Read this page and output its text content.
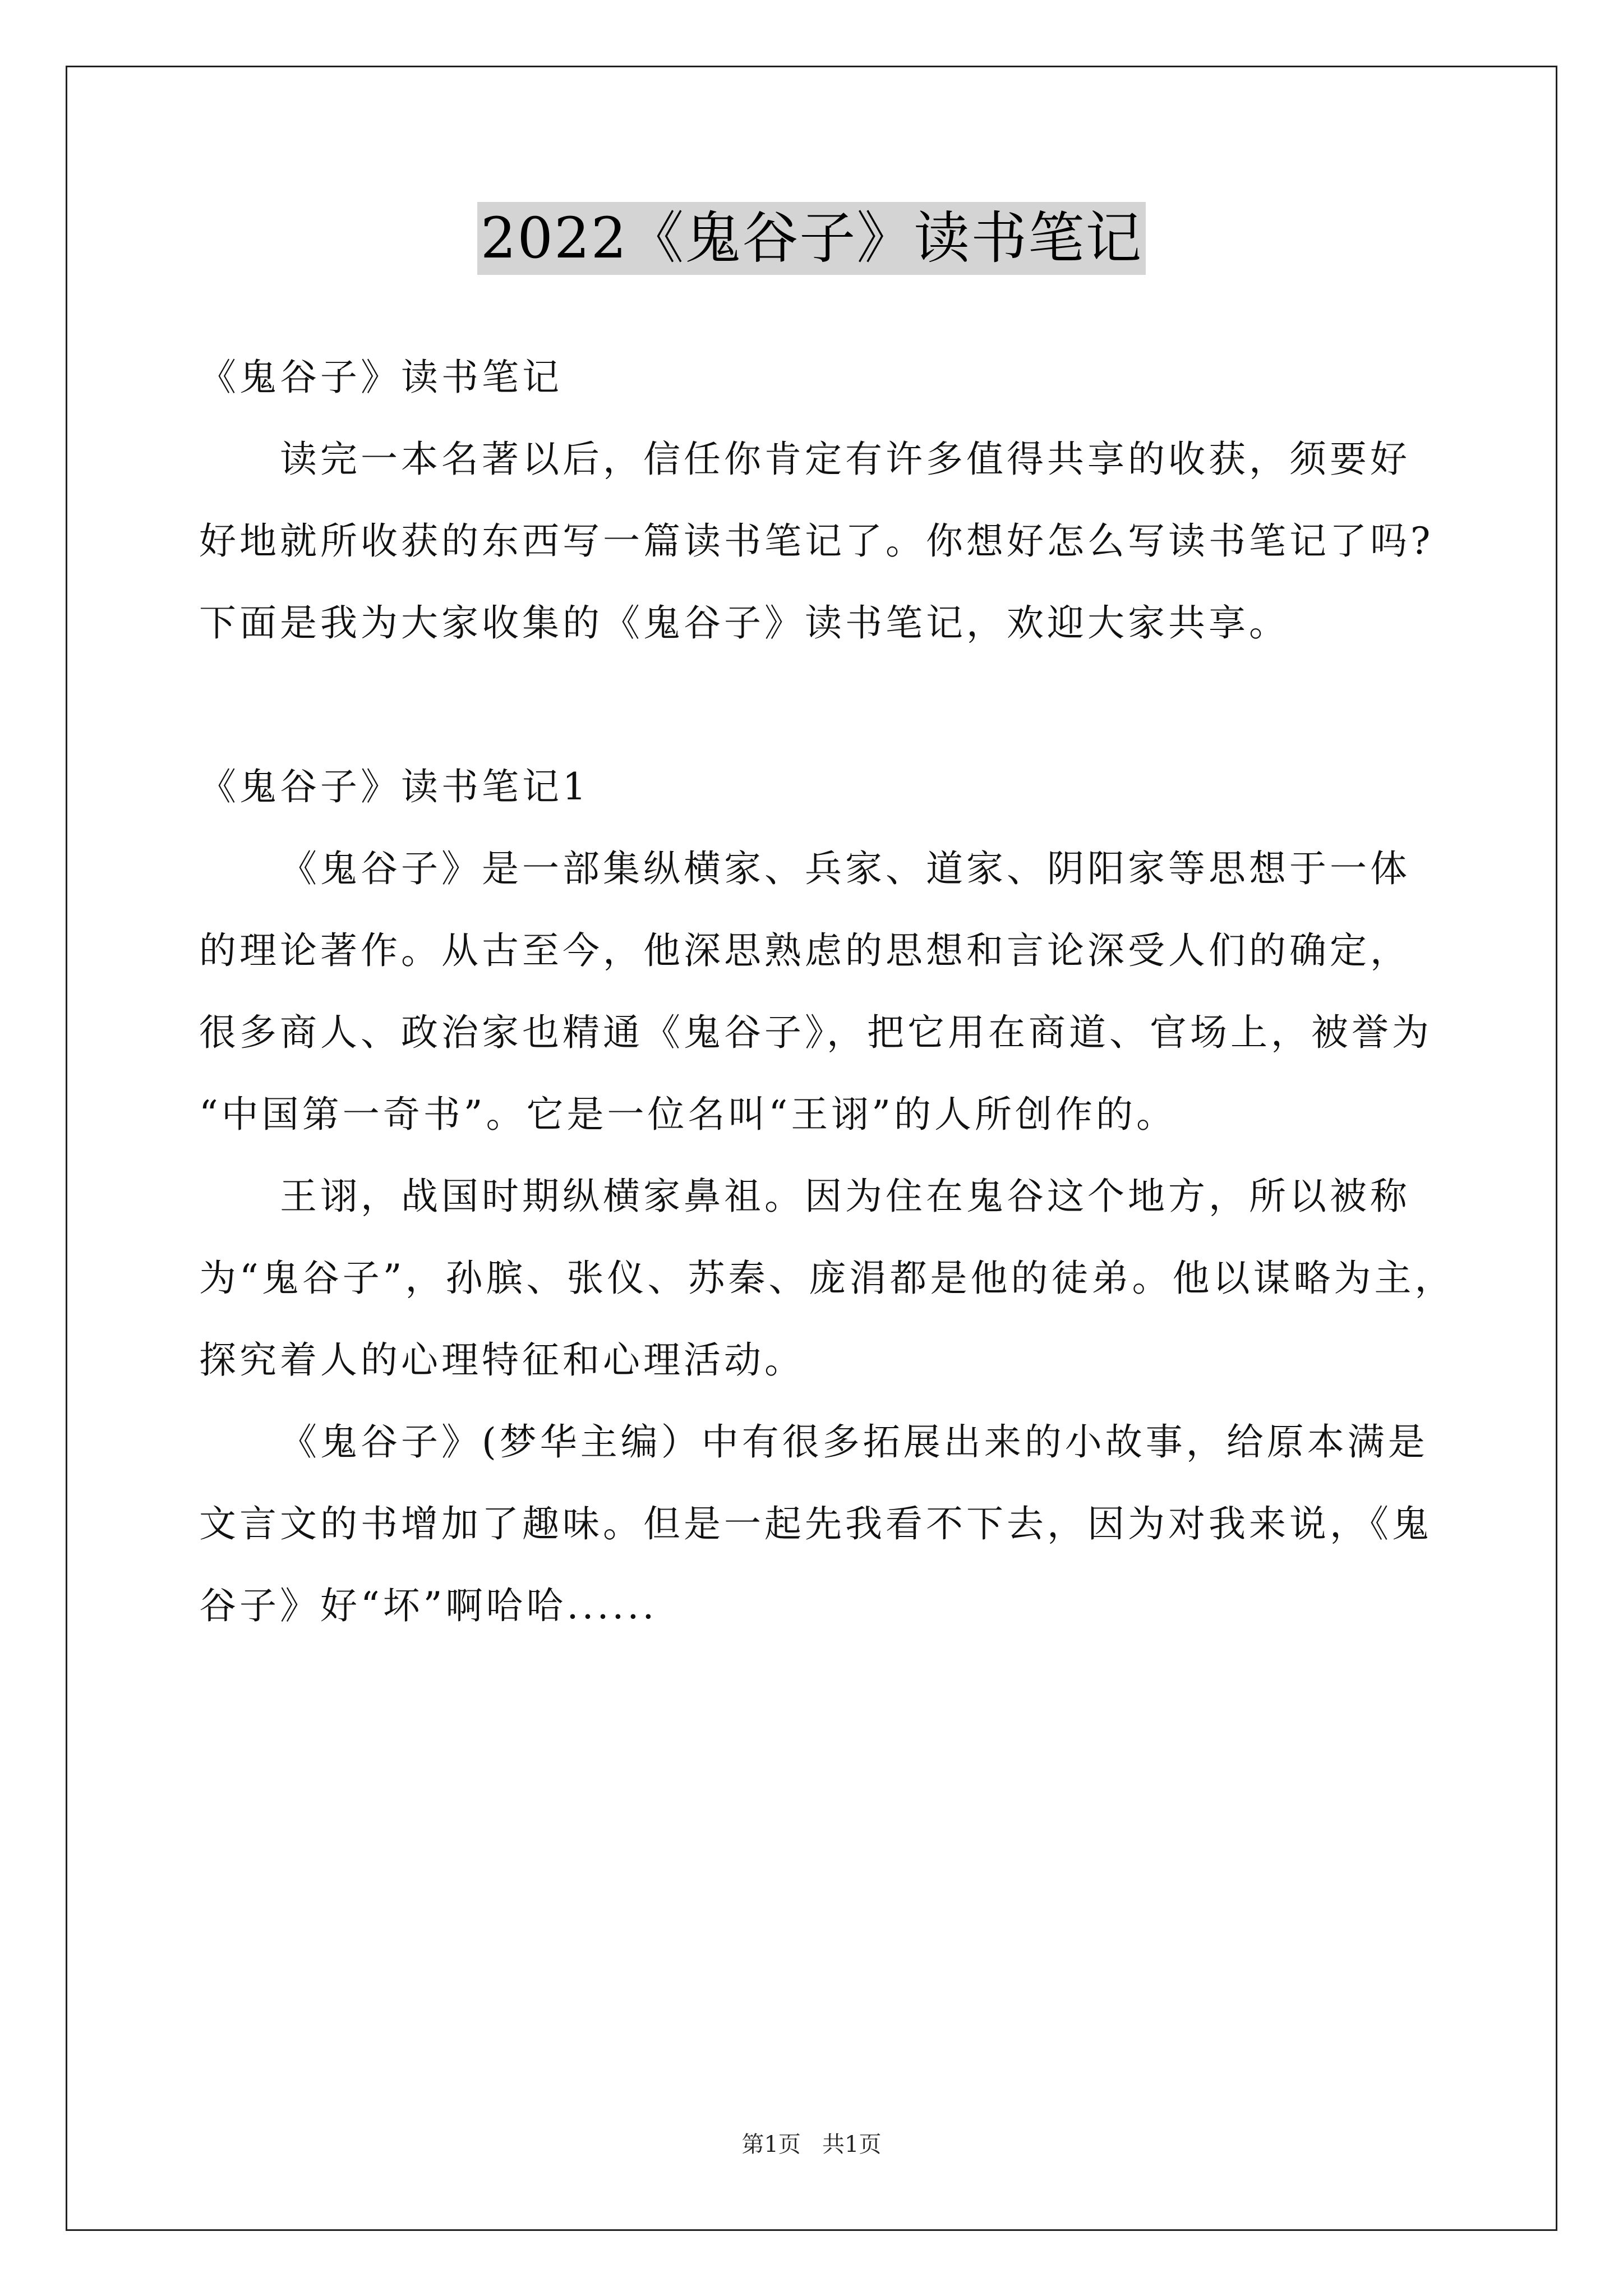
2022《鬼谷子》读书笔记
《鬼谷子》读书笔记
读完一本名著以后，信任你肯定有许多值得共享的收获，须要好
好地就所收获的东西写一篇读书笔记了。你想好怎么写读书笔记了吗?
下面是我为大家收集的《鬼谷子》读书笔记，欢迎大家共享。
《鬼谷子》读书笔记1
《鬼谷子》是一部集纵横家、兵家、道家、阴阳家等思想于一体
的理论著作。从古至今，他深思熟虑的思想和言论深受人们的确定，
很多商人、政治家也精通《鬼谷子》，把它用在商道、官场上，被誉为
“中国第一奇书”。它是一位名叫“王诩”的人所创作的。
王诩，战国时期纵横家鼻祖。因为住在鬼谷这个地方，所以被称
为“鬼谷子”，孙膑、张仪、苏秦、庞涓都是他的徒弟。他以谋略为主，
探究着人的心理特征和心理活动。
《鬼谷子》(梦华主编）中有很多拓展出来的小故事，给原本满是
文言文的书增加了趣味。但是一起先我看不下去，因为对我来说，《鬼
谷子》好“坏”啊哈哈......
第1页   共1页
